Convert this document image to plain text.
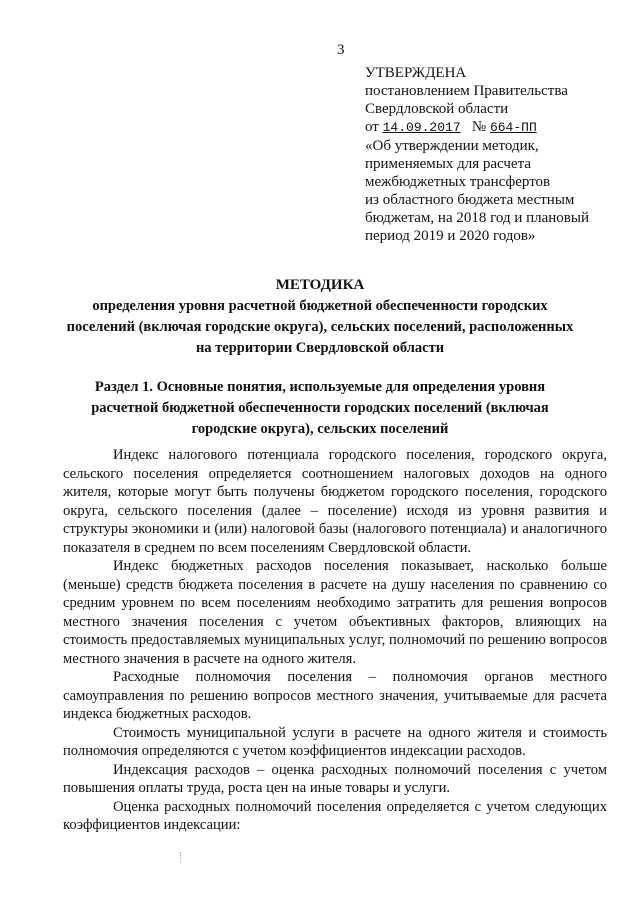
3
УТВЕРЖДЕНА
постановлением Правительства
Свердловской области
от 14.09.2017 № 664-ПП
«Об утверждении методик,
применяемых для расчета
межбюджетных трансфертов
из областного бюджета местным
бюджетам, на 2018 год и плановый
период 2019 и 2020 годов»
МЕТОДИКА
определения уровня расчетной бюджетной обеспеченности городских поселений (включая городские округа), сельских поселений, расположенных на территории Свердловской области
Раздел 1. Основные понятия, используемые для определения уровня расчетной бюджетной обеспеченности городских поселений (включая городские округа), сельских поселений

Индекс налогового потенциала городского поселения, городского округа, сельского поселения определяется соотношением налоговых доходов на одного жителя, которые могут быть получены бюджетом городского поселения, городского округа, сельского поселения (далее – поселение) исходя из уровня развития и структуры экономики и (или) налоговой базы (налогового потенциала) и аналогичного показателя в среднем по всем поселениям Свердловской области.

Индекс бюджетных расходов поселения показывает, насколько больше (меньше) средств бюджета поселения в расчете на душу населения по сравнению со средним уровнем по всем поселениям необходимо затратить для решения вопросов местного значения поселения с учетом объективных факторов, влияющих на стоимость предоставляемых муниципальных услуг, полномочий по решению вопросов местного значения в расчете на одного жителя.

Расходные полномочия поселения – полномочия органов местного самоуправления по решению вопросов местного значения, учитываемые для расчета индекса бюджетных расходов.

Стоимость муниципальной услуги в расчете на одного жителя и стоимость полномочия определяются с учетом коэффициентов индексации расходов.

Индексация расходов – оценка расходных полномочий поселения с учетом повышения оплаты труда, роста цен на иные товары и услуги.

Оценка расходных полномочий поселения определяется с учетом следующих коэффициентов индексации:
